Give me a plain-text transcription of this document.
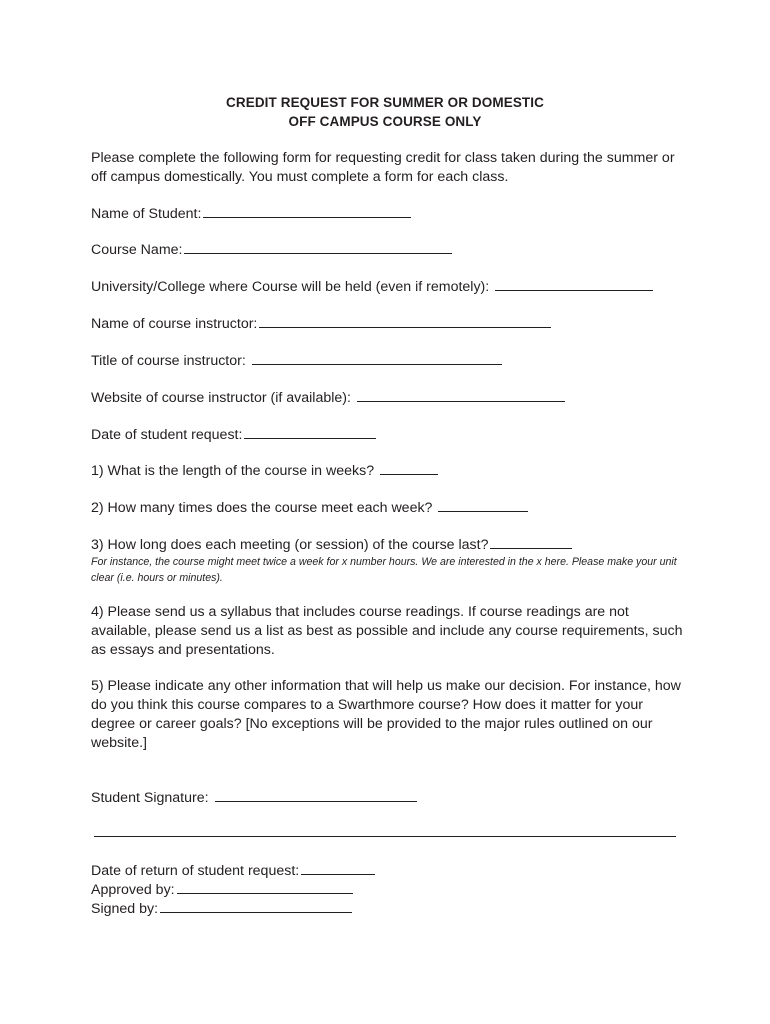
CREDIT REQUEST FOR SUMMER OR DOMESTIC
OFF CAMPUS COURSE ONLY

Please complete the following form for requesting credit for class taken during the summer or off campus domestically. You must complete a form for each class.

Name of Student:
Course Name:
University/College where Course will be held (even if remotely):
Name of course instructor:
Title of course instructor:
Website of course instructor (if available):
Date of student request:
1) What is the length of the course in weeks?
2) How many times does the course meet each week?
3) How long does each meeting (or session) of the course last?

For instance, the course might meet twice a week for x number hours. We are interested in the x here. Please make your unit clear (i.e. hours or minutes).

4) Please send us a syllabus that includes course readings. If course readings are not available, please send us a list as best as possible and include any course requirements, such as essays and presentations.

5) Please indicate any other information that will help us make our decision. For instance, how do you think this course compares to a Swarthmore course? How does it matter for your degree or career goals? [No exceptions will be provided to the major rules outlined on our website.]

Student Signature:
Date of return of student request:
Approved by:
Signed by:
